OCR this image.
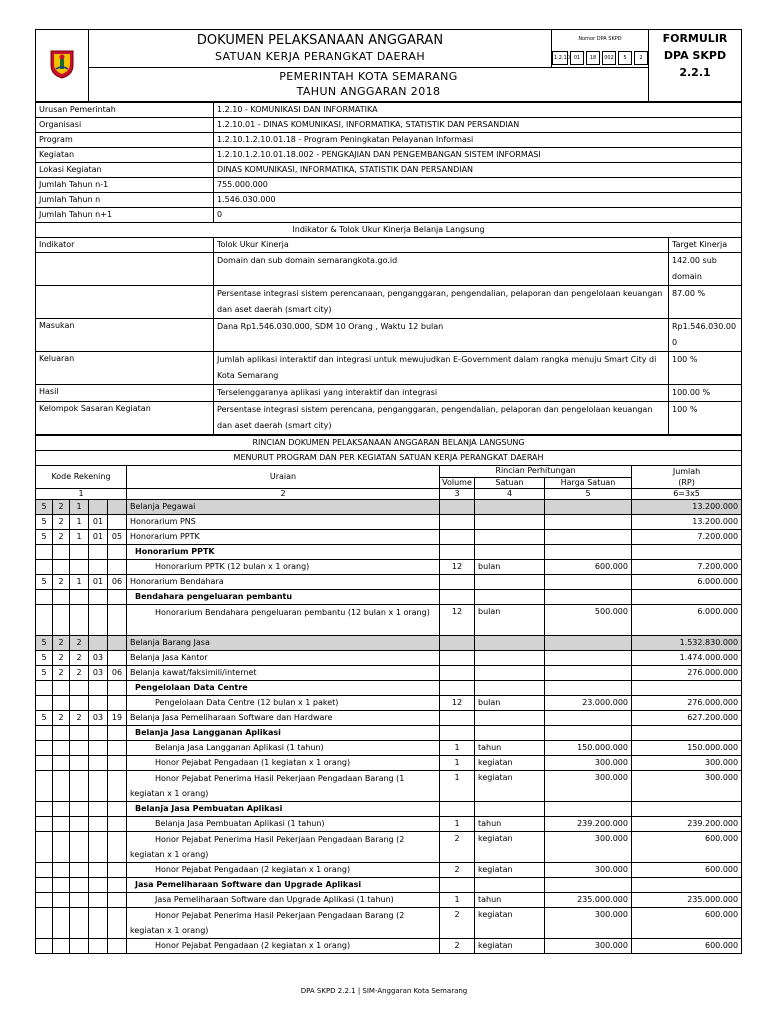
DOKUMEN PELAKSANAAN ANGGARAN
SATUAN KERJA PERANGKAT DAERAH

Nomor DPA SKPD
1.2.10 01	18	002	5	2

FORMULIR
DPA SKPD
2.2.1

PEMERINTAH KOTA SEMARANG
TAHUN ANGGARAN 2018
Urusan Pemerintah	1.2.10 - KOMUNIKASI DAN INFORMATIKA	
Organisasi	1.2.10.01 - DINAS KOMUNIKASI, INFORMATIKA, STATISTIK DAN PERSANDIAN	
Program	1.2.10.1.2.10.01.18 - Program Peningkatan Pelayanan Informasi	
Kegiatan	1.2.10.1.2.10.01.18.002 - PENGKAJIAN DAN PENGEMBANGAN SISTEM INFORMASI	
Lokasi Kegiatan	DINAS KOMUNIKASI, INFORMATIKA, STATISTIK DAN PERSANDIAN	
Jumlah Tahun n-1	755.000.000	
Jumlah Tahun n	1.546.030.000	
Jumlah Tahun n+1	0	
Indikator & Tolok Ukur Kinerja Belanja Langsung		
Indikator	Tolok Ukur Kinerja	Target Kinerja
	Domain dan sub domain semarangkota.go.id	142.00 sub domain
	Persentase integrasi sistem perencanaan, penganggaran, pengendalian, pelaporan dan pengelolaan keuangan dan aset daerah (smart city)	87.00 %
Masukan	Dana Rp1.546.030.000, SDM 10 Orang , Waktu 12 bulan	Rp1.546.030.000
Keluaran	Jumlah aplikasi interaktif dan integrasi untuk mewujudkan E-Government dalam rangka menuju Smart City di Kota Semarang	100 %
Hasil	Terselenggaranya aplikasi yang interaktif dan integrasi	100.00 %
Kelompok Sasaran Kegiatan	Persentase integrasi sistem perencana, penganggaran, pengendalian, pelaporan dan pengelolaan keuangan dan aset daerah (smart city)	100 %
RINCIAN DOKUMEN PELAKSANAAN ANGGARAN BELANJA LANGSUNG									
MENURUT PROGRAM DAN PER KEGIATAN SATUAN KERJA PERANGKAT DAERAH									
Kode Rekening					Uraian	Rincian Perhitungan			Jumlah
(RP)

						Volume	Satuan	Harga Satuan	
1					2	3	4	5	6=3x5
5	2	1			Belanja Pegawai				13.200.000
5	2	1	01		Honorarium PNS				13.200.000
5	2	1	01	05	Honorarium PPTK				7.200.000
					Honorarium PPTK				
					Honorarium PPTK (12 bulan x 1 orang)	12	bulan	600.000	7.200.000
5	2	1	01	06	Honorarium Bendahara				6.000.000
					Bendahara pengeluaran pembantu				
					Honorarium Bendahara pengeluaran pembantu (12 bulan x 1 orang)	12	bulan	500.000	6.000.000
5	2	2			Belanja Barang Jasa				1.532.830.000
5	2	2	03		Belanja Jasa Kantor				1.474.000.000
5	2	2	03	06	Belanja kawat/faksimili/internet				276.000.000
					Pengelolaan Data Centre				
					Pengelolaan Data Centre (12 bulan x 1 paket)	12	bulan	23.000.000	276.000.000
5	2	2	03	19	Belanja Jasa Pemeliharaan Software dan Hardware				627.200.000
					Belanja Jasa Langganan Aplikasi				
					Belanja Jasa Langganan Aplikasi (1 tahun)	1	tahun	150.000.000	150.000.000
					Honor Pejabat Pengadaan (1 kegiatan x 1 orang)	1	kegiatan	300.000	300.000
					Honor Pejabat Penerima Hasil Pekerjaan Pengadaan Barang (1 kegiatan x 1 orang)	1	kegiatan	300.000	300.000
					Belanja Jasa Pembuatan Aplikasi				
					Belanja Jasa Pembuatan Aplikasi (1 tahun)	1	tahun	239.200.000	239.200.000
					Honor Pejabat Penerima Hasil Pekerjaan Pengadaan Barang (2 kegiatan x 1 orang)	2	kegiatan	300.000	600.000
					Honor Pejabat Pengadaan (2 kegiatan x 1 orang)	2	kegiatan	300.000	600.000
					Jasa Pemeliharaan Software dan Upgrade Aplikasi				
					Jasa Pemeliharaan Software dan Upgrade Aplikasi (1 tahun)	1	tahun	235.000.000	235.000.000
					Honor Pejabat Penerima Hasil Pekerjaan Pengadaan Barang (2 kegiatan x 1 orang)	2	kegiatan	300.000	600.000
					Honor Pejabat Pengadaan (2 kegiatan x 1 orang)	2	kegiatan	300.000	600.000
DPA SKPD 2.2.1 | SIM-Anggaran Kota Semarang
